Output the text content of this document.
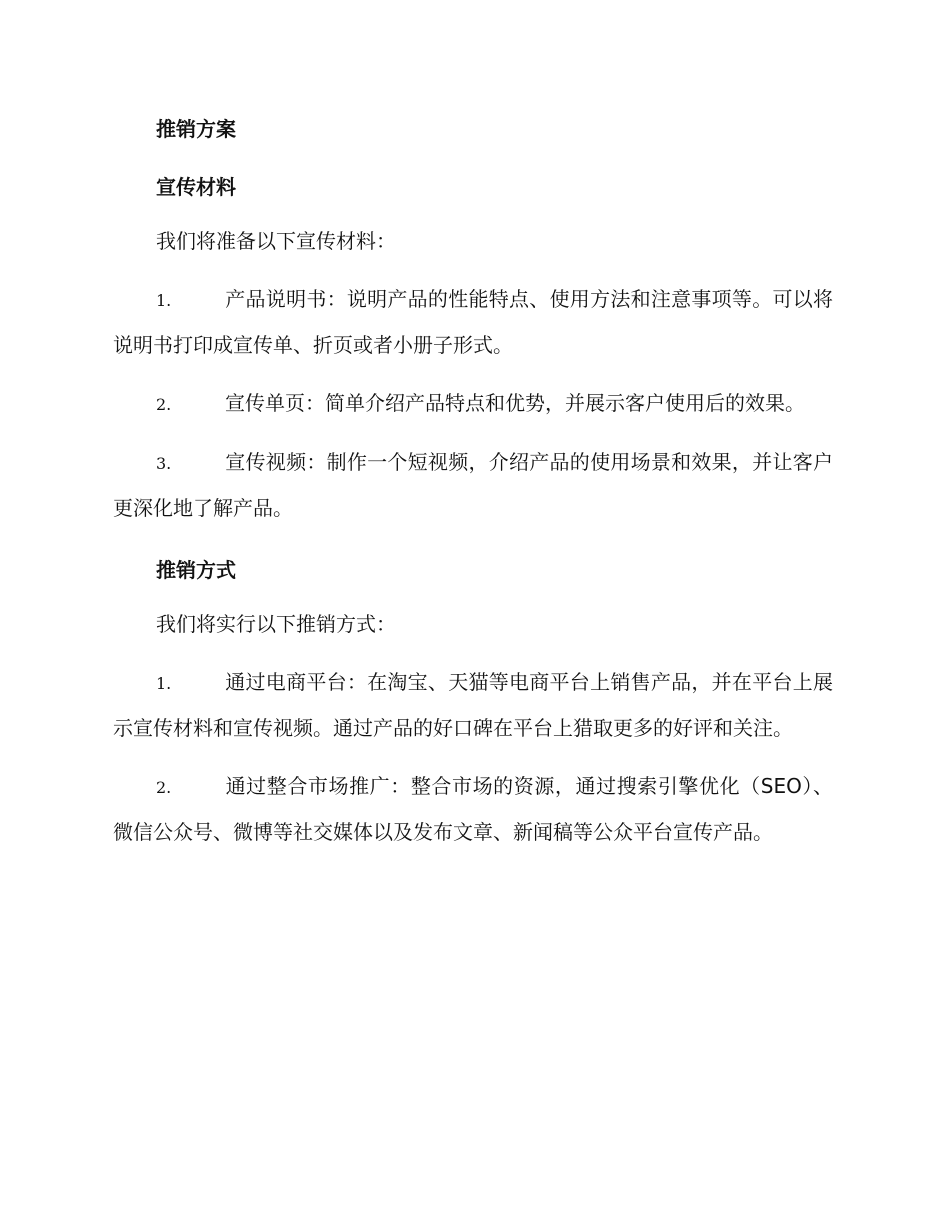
推销方案
宣传材料

我们将准备以下宣传材料：

1.	产品说明书：说明产品的性能特点、使用方法和注意事项等。可以将说明书打印成宣传单、折页或者小册子形式。

2.	宣传单页：简单介绍产品特点和优势，并展示客户使用后的效果。

3.	宣传视频：制作一个短视频，介绍产品的使用场景和效果，并让客户更深化地了解产品。

推销方式

我们将实行以下推销方式：

1.	通过电商平台：在淘宝、天猫等电商平台上销售产品，并在平台上展示宣传材料和宣传视频。通过产品的好口碑在平台上猎取更多的好评和关注。

2.	通过整合市场推广：整合市场的资源，通过搜索引擎优化（SEO）、微信公众号、微博等社交媒体以及发布文章、新闻稿等公众平台宣传产品。
